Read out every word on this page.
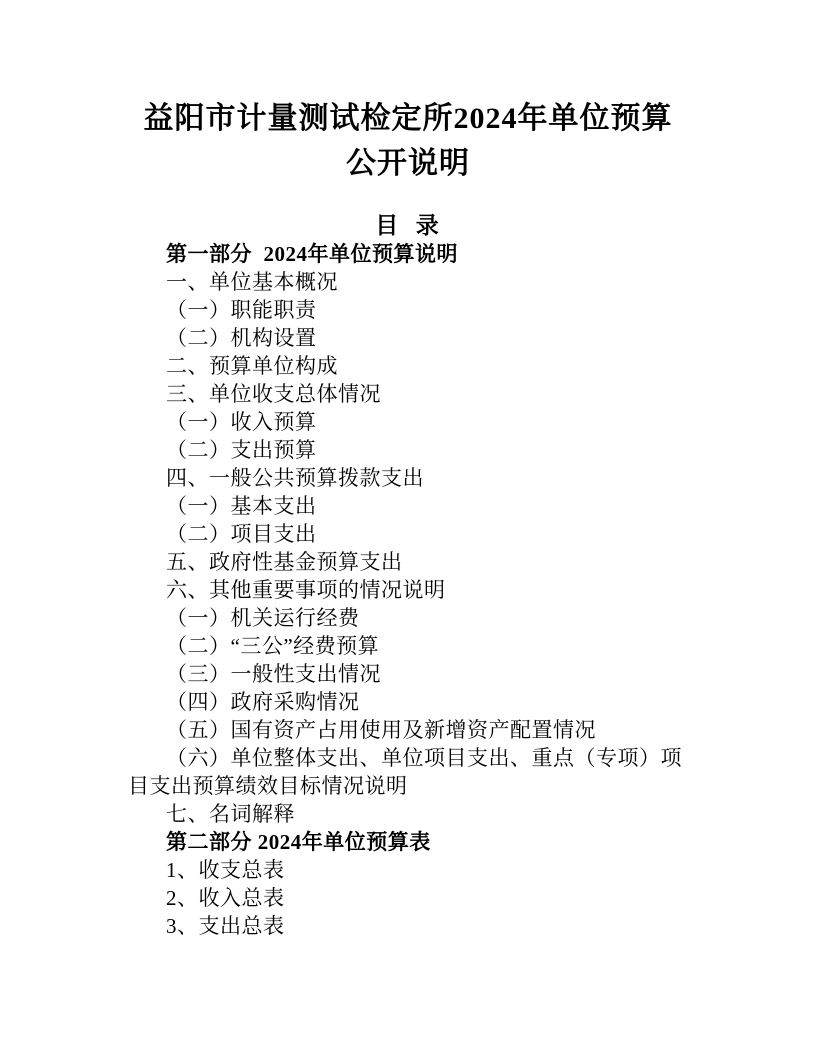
益阳市计量测试检定所2024年单位预算
公开说明

目  录

第一部分  2024年单位预算说明

一、单位基本概况

（一）职能职责

（二）机构设置

二、预算单位构成

三、单位收支总体情况

（一）收入预算

（二）支出预算

四、一般公共预算拨款支出

（一）基本支出

（二）项目支出

五、政府性基金预算支出

六、其他重要事项的情况说明

（一）机关运行经费

（二）“三公”经费预算

（三）一般性支出情况

（四）政府采购情况

（五）国有资产占用使用及新增资产配置情况

（六）单位整体支出、单位项目支出、重点（专项）项目支出预算绩效目标情况说明

七、名词解释

第二部分 2024年单位预算表

1、收支总表

2、收入总表

3、支出总表
